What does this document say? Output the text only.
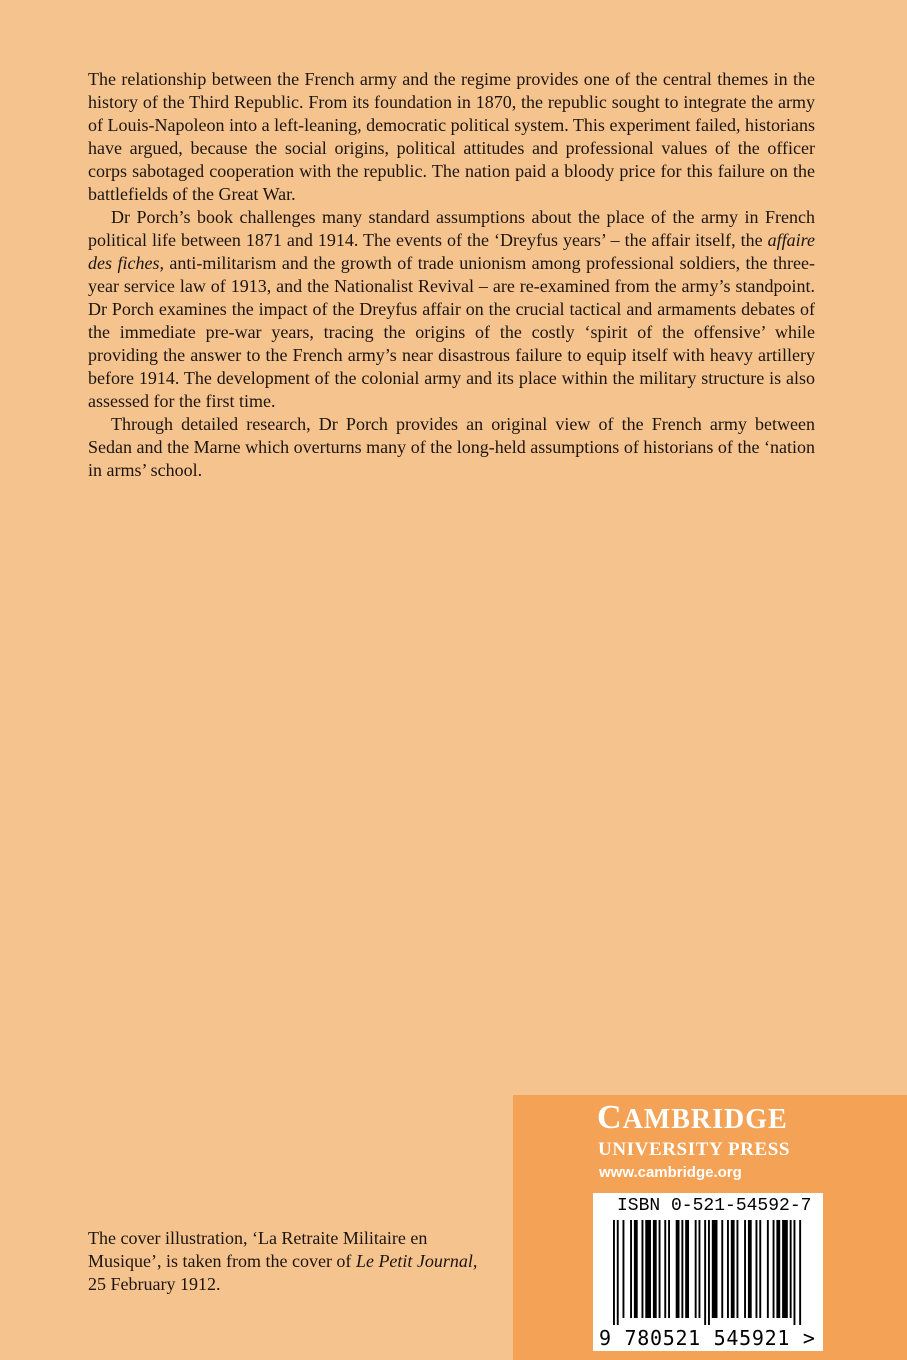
The relationship between the French army and the regime provides one of the central themes in the history of the Third Republic. From its foundation in 1870, the republic sought to integrate the army of Louis-Napoleon into a left-leaning, democratic political system. This experiment failed, historians have argued, because the social origins, political attitudes and professional values of the officer corps sabotaged cooperation with the republic. The nation paid a bloody price for this failure on the battlefields of the Great War.

Dr Porch’s book challenges many standard assumptions about the place of the army in French political life between 1871 and 1914. The events of the ‘Dreyfus years’ – the affair itself, the affaire des fiches, anti-militarism and the growth of trade unionism among professional soldiers, the three-year service law of 1913, and the Nationalist Revival – are re-examined from the army’s standpoint. Dr Porch examines the impact of the Dreyfus affair on the crucial tactical and armaments debates of the immediate pre-war years, tracing the origins of the costly ‘spirit of the offensive’ while providing the answer to the French army’s near disastrous failure to equip itself with heavy artillery before 1914. The development of the colonial army and its place within the military structure is also assessed for the first time.

Through detailed research, Dr Porch provides an original view of the French army between Sedan and the Marne which overturns many of the long-held assumptions of historians of the ‘nation in arms’ school.

The cover illustration, ‘La Retraite Militaire en Musique’, is taken from the cover of Le Petit Journal, 25 February 1912.
CAMBRIDGE
UNIVERSITY PRESS
www.cambridge.org
ISBN 0-521-54592-7
9 780521 545921 >
